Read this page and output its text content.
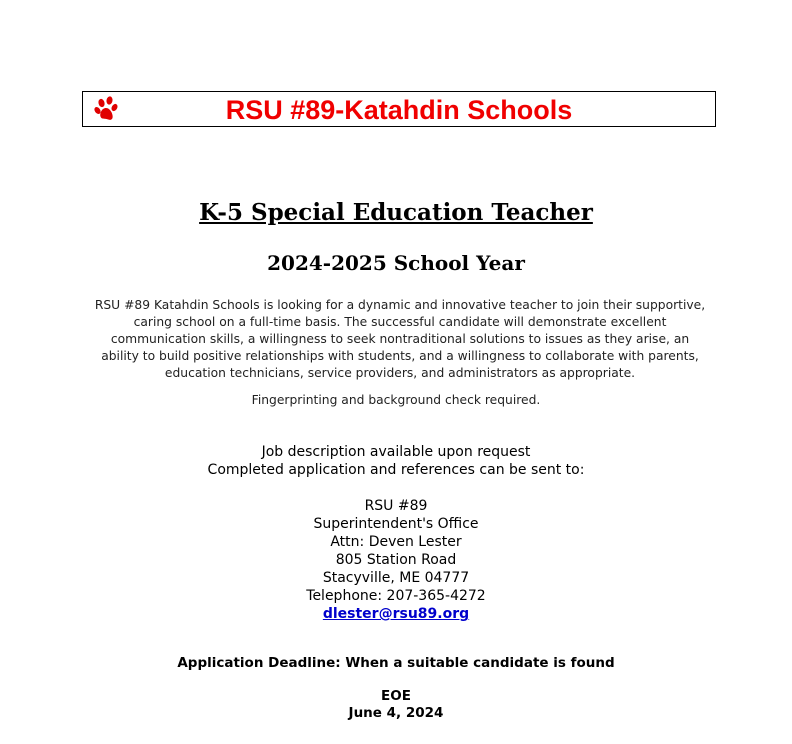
RSU #89-Katahdin Schools
K-5 Special Education Teacher
2024-2025 School Year
RSU #89 Katahdin Schools is looking for a dynamic and innovative teacher to join their supportive, caring school on a full-time basis. The successful candidate will demonstrate excellent communication skills, a willingness to seek nontraditional solutions to issues as they arise, an ability to build positive relationships with students, and a willingness to collaborate with parents, education technicians, service providers, and administrators as appropriate.
Fingerprinting and background check required.
Job description available upon request
Completed application and references can be sent to:
RSU #89
Superintendent's Office
Attn: Deven Lester
805 Station Road
Stacyville, ME 04777
Telephone: 207-365-4272
dlester@rsu89.org
Application Deadline: When a suitable candidate is found
EOE
June 4, 2024
